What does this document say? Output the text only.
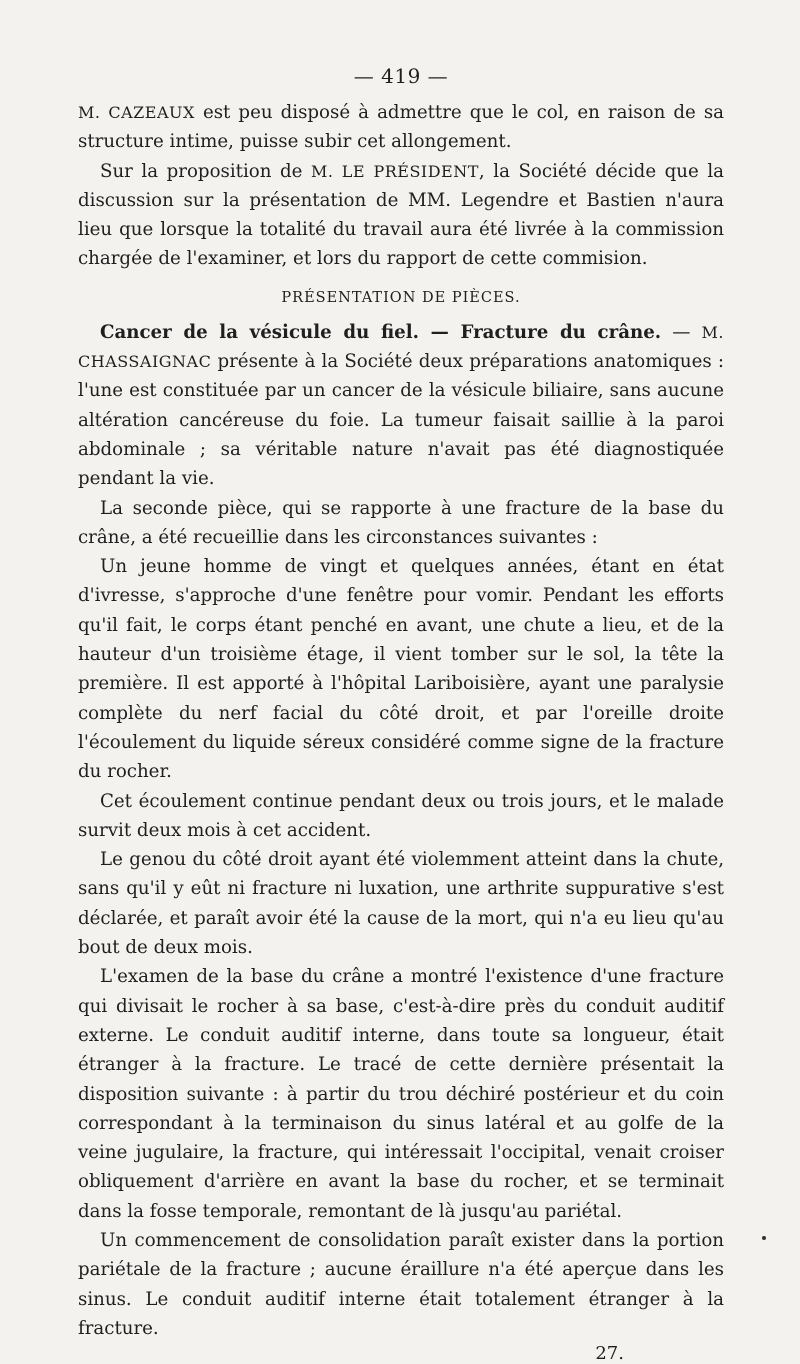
— 419 —

M. CAZEAUX est peu disposé à admettre que le col, en raison de sa structure intime, puisse subir cet allongement.

Sur la proposition de M. LE PRÉSIDENT, la Société décide que la discussion sur la présentation de MM. Legendre et Bastien n'aura lieu que lorsque la totalité du travail aura été livrée à la commission chargée de l'examiner, et lors du rapport de cette commision.

PRÉSENTATION DE PIÈCES.

Cancer de la vésicule du fiel. — Fracture du crâne. — M. CHASSAIGNAC présente à la Société deux préparations anatomiques : l'une est constituée par un cancer de la vésicule biliaire, sans aucune altération cancéreuse du foie. La tumeur faisait saillie à la paroi abdominale ; sa véritable nature n'avait pas été diagnostiquée pendant la vie.

La seconde pièce, qui se rapporte à une fracture de la base du crâne, a été recueillie dans les circonstances suivantes :

Un jeune homme de vingt et quelques années, étant en état d'ivresse, s'approche d'une fenêtre pour vomir. Pendant les efforts qu'il fait, le corps étant penché en avant, une chute a lieu, et de la hauteur d'un troisième étage, il vient tomber sur le sol, la tête la première. Il est apporté à l'hôpital Lariboisière, ayant une paralysie complète du nerf facial du côté droit, et par l'oreille droite l'écoulement du liquide séreux considéré comme signe de la fracture du rocher.

Cet écoulement continue pendant deux ou trois jours, et le malade survit deux mois à cet accident.

Le genou du côté droit ayant été violemment atteint dans la chute, sans qu'il y eût ni fracture ni luxation, une arthrite suppurative s'est déclarée, et paraît avoir été la cause de la mort, qui n'a eu lieu qu'au bout de deux mois.

L'examen de la base du crâne a montré l'existence d'une fracture qui divisait le rocher à sa base, c'est-à-dire près du conduit auditif externe. Le conduit auditif interne, dans toute sa longueur, était étranger à la fracture. Le tracé de cette dernière présentait la disposition suivante : à partir du trou déchiré postérieur et du coin correspondant à la terminaison du sinus latéral et au golfe de la veine jugulaire, la fracture, qui intéressait l'occipital, venait croiser obliquement d'arrière en avant la base du rocher, et se terminait dans la fosse temporale, remontant de là jusqu'au pariétal.

Un commencement de consolidation paraît exister dans la portion pariétale de la fracture ; aucune éraillure n'a été aperçue dans les sinus. Le conduit auditif interne était totalement étranger à la fracture.

27.
